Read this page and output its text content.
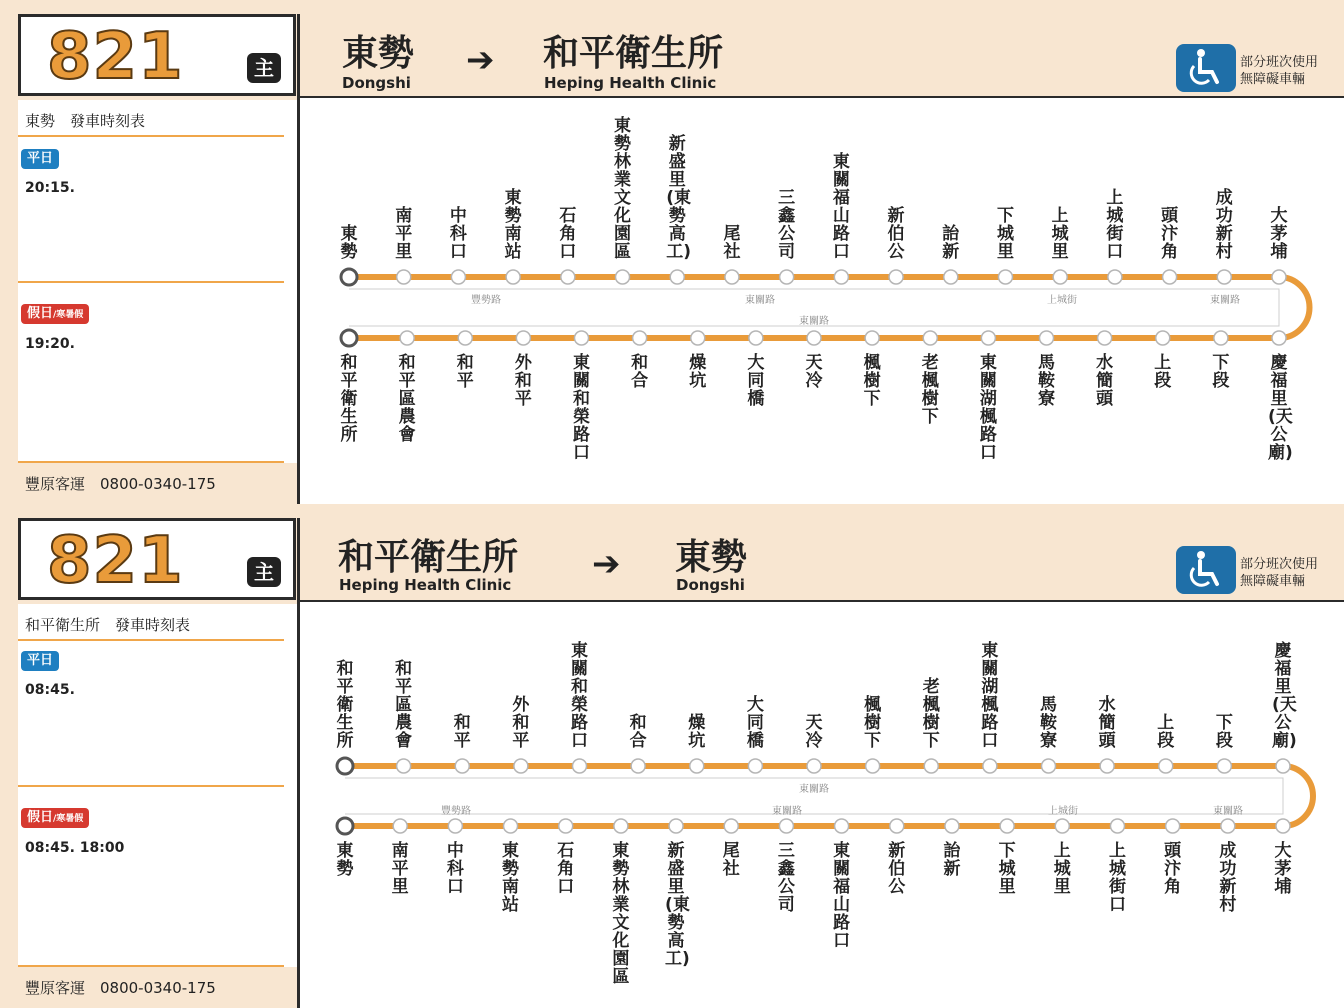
821	主
東勢　發車時刻表
平日
20:15.
假日/寒暑假
19:20.
豐原客運　0800-0340-175
東勢
Dongshi
➔ 和平衛生所
Heping Health Clinic
部分班次使用
無障礙車輛
東勢
南平里
中科口
東勢南站
石角口
東勢林業文化園區
新盛里(東勢高工)
尾社
三鑫公司
東關福山路口
新伯公
詒新
下城里
上城里
上城街口
頭汴角
成功新村
大茅埔
和平衛生所
和平區農會
和平
外和平
東關和榮路口
和合
燥坑
大同橋
天冷
楓樹下
老楓樹下
東關湖楓路口
馬鞍寮
水簡頭
上段
下段
慶福里(天公廟)
豐勢路	東關路	上城街	東關路
東關路
821	主
和平衛生所　發車時刻表
平日
08:45.
假日/寒暑假
08:45. 18:00
豐原客運　0800-0340-175
和平衛生所
Heping Health Clinic
➔ 東勢
Dongshi
部分班次使用
無障礙車輛
和平衛生所
和平區農會
和平
外和平
東關和榮路口
和合
燥坑
大同橋
天冷
楓樹下
老楓樹下
東關湖楓路口
馬鞍寮
水簡頭
上段
下段
慶福里(天公廟)
東勢
南平里
中科口
東勢南站
石角口
東勢林業文化園區
新盛里(東勢高工)
尾社
三鑫公司
東關福山路口
新伯公
詒新
下城里
上城里
上城街口
頭汴角
成功新村
大茅埔
東關路
豐勢路	東關路	上城街	東關路
